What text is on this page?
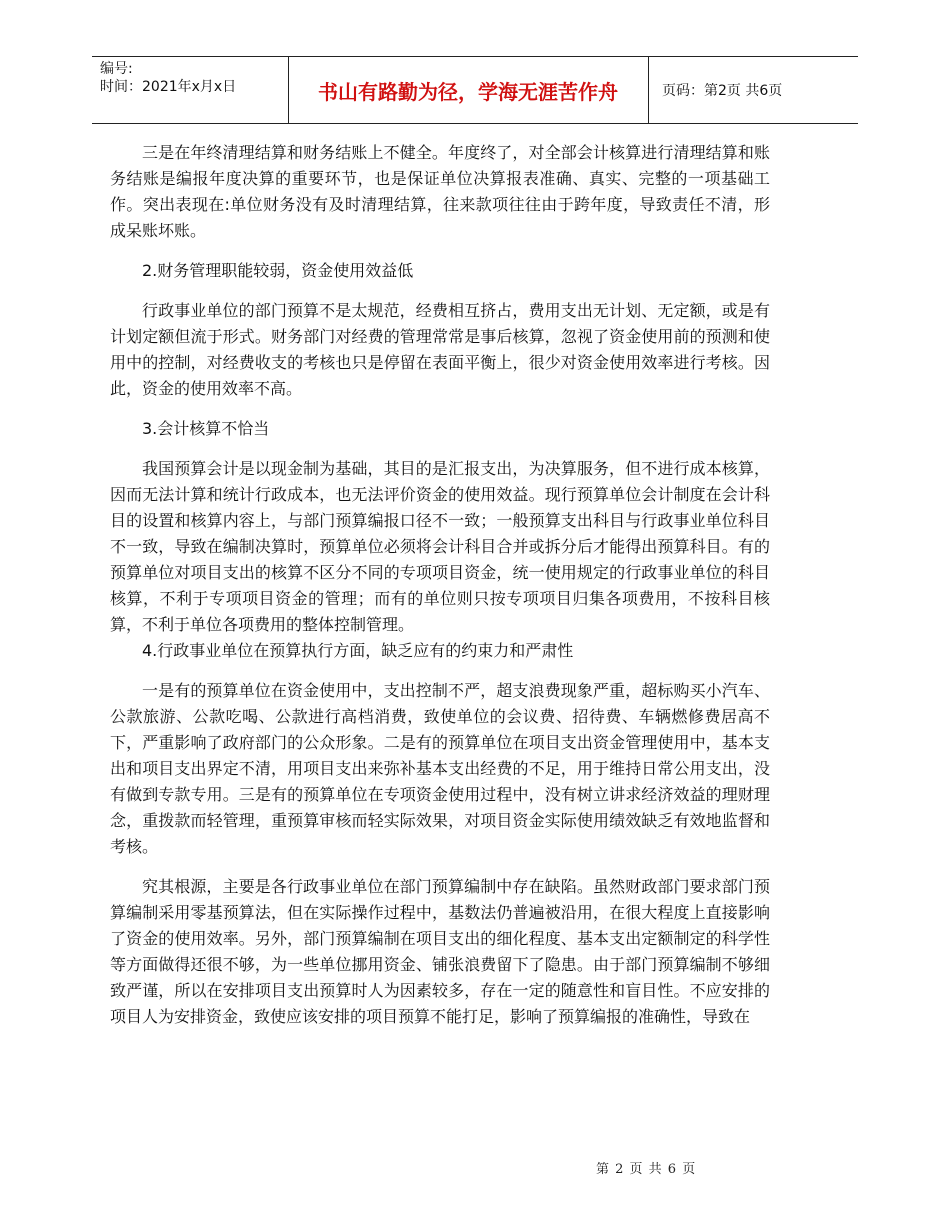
编号:
时间：2021年x月x日	书山有路勤为径，学海无涯苦作舟	页码：第2页 共6页

三是在年终清理结算和财务结账上不健全。年度终了，对全部会计核算进行清理结算和账务结账是编报年度决算的重要环节，也是保证单位决算报表准确、真实、完整的一项基础工作。突出表现在:单位财务没有及时清理结算，往来款项往往由于跨年度，导致责任不清，形成呆账坏账。

2.财务管理职能较弱，资金使用效益低

行政事业单位的部门预算不是太规范，经费相互挤占，费用支出无计划、无定额，或是有计划定额但流于形式。财务部门对经费的管理常常是事后核算，忽视了资金使用前的预测和使用中的控制，对经费收支的考核也只是停留在表面平衡上，很少对资金使用效率进行考核。因此，资金的使用效率不高。

3.会计核算不恰当

我国预算会计是以现金制为基础，其目的是汇报支出，为决算服务，但不进行成本核算，因而无法计算和统计行政成本，也无法评价资金的使用效益。现行预算单位会计制度在会计科目的设置和核算内容上，与部门预算编报口径不一致；一般预算支出科目与行政事业单位科目不一致，导致在编制决算时，预算单位必须将会计科目合并或拆分后才能得出预算科目。有的预算单位对项目支出的核算不区分不同的专项项目资金，统一使用规定的行政事业单位的科目核算，不利于专项项目资金的管理；而有的单位则只按专项项目归集各项费用，不按科目核算，不利于单位各项费用的整体控制管理。

4.行政事业单位在预算执行方面，缺乏应有的约束力和严肃性

一是有的预算单位在资金使用中，支出控制不严，超支浪费现象严重，超标购买小汽车、公款旅游、公款吃喝、公款进行高档消费，致使单位的会议费、招待费、车辆燃修费居高不下，严重影响了政府部门的公众形象。二是有的预算单位在项目支出资金管理使用中，基本支出和项目支出界定不清，用项目支出来弥补基本支出经费的不足，用于维持日常公用支出，没有做到专款专用。三是有的预算单位在专项资金使用过程中，没有树立讲求经济效益的理财理念，重拨款而轻管理，重预算审核而轻实际效果，对项目资金实际使用绩效缺乏有效地监督和考核。

究其根源，主要是各行政事业单位在部门预算编制中存在缺陷。虽然财政部门要求部门预算编制采用零基预算法，但在实际操作过程中，基数法仍普遍被沿用，在很大程度上直接影响了资金的使用效率。另外，部门预算编制在项目支出的细化程度、基本支出定额制定的科学性等方面做得还很不够，为一些单位挪用资金、铺张浪费留下了隐患。由于部门预算编制不够细致严谨，所以在安排项目支出预算时人为因素较多，存在一定的随意性和盲目性。不应安排的项目人为安排资金，致使应该安排的项目预算不能打足，影响了预算编报的准确性，导致在

第 2 页 共 6 页
